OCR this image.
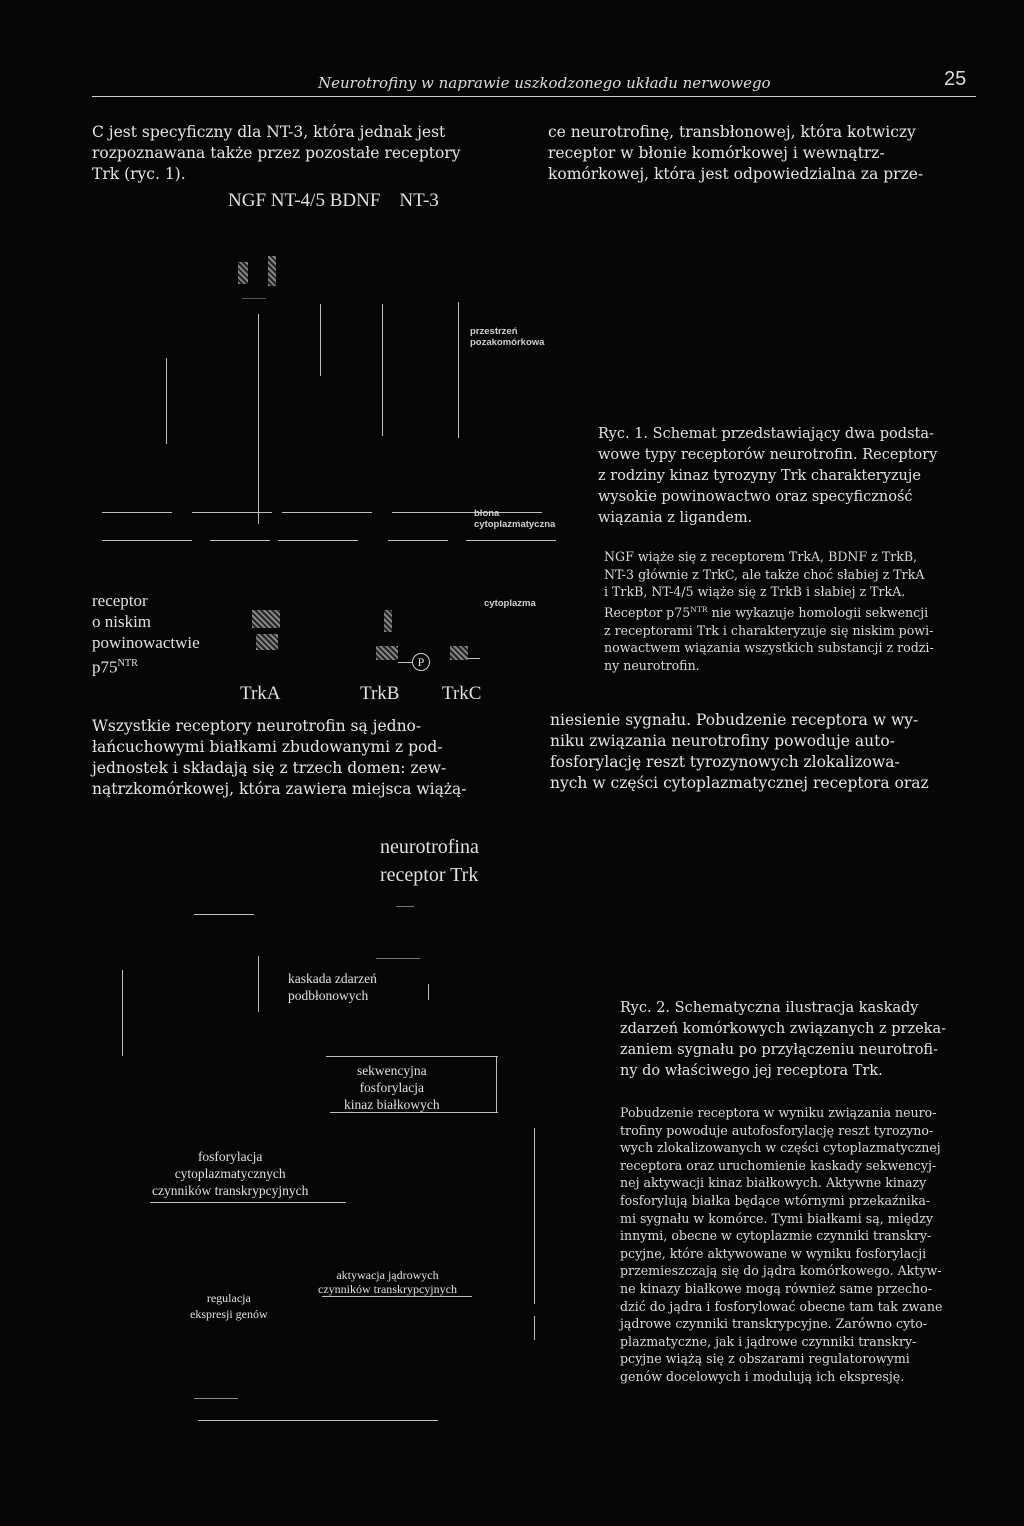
Neurotrofiny w naprawie uszkodzonego układu nerwowego	25
C jest specyficzny dla NT-3, która jednak jest
rozpoznawana także przez pozostałe receptory
Trk (ryc. 1).
ce neurotrofinę, transbłonowej, która kotwiczy
receptor w błonie komórkowej i wewnątrz-
komórkowej, która jest odpowiedzialna za prze-
NGF NT-4/5 BDNF    NT-3
przestrzeń
pozakomórkowa
błona
cytoplazmatyczna
cytoplazma
receptor
o niskim
powinowactwie
$p75^{NTR}$	P
TrkA	TrkB TrkC
Ryc. 1. Schemat przedstawiający dwa podsta-
wowe typy receptorów neurotrofin. Receptory
z rodziny kinaz tyrozyny Trk charakteryzuje
wysokie powinowactwo oraz specyficzność
wiązania z ligandem.
NGF wiąże się z receptorem TrkA, BDNF z TrkB,
NT-3 głównie z TrkC, ale także choć słabiej z TrkA
i TrkB, NT-4/5 wiąże się z TrkB i słabiej z TrkA.
Receptor $p75^{NTR}$ nie wykazuje homologii sekwencji
z receptorami Trk i charakteryzuje się niskim powi-
nowactwem wiązania wszystkich substancji z rodzi-
ny neurotrofin.
Wszystkie receptory neurotrofin są jedno-
łańcuchowymi białkami zbudowanymi z pod-
jednostek i składają się z trzech domen: zew-
nątrzkomórkowej, która zawiera miejsca wiążą-
niesienie sygnału. Pobudzenie receptora w wy-
niku związania neurotrofiny powoduje auto-
fosforylację reszt tyrozynowych zlokalizowa-
nych w części cytoplazmatycznej receptora oraz
neurotrofina
receptor Trk
kaskada zdarzeń
podbłonowych
sekwencyjna
fosforylacja
kinaz białkowych
fosforylacja
cytoplazmatycznych
czynników transkrypcyjnych
aktywacja jądrowych
czynników transkrypcyjnych
regulacja
ekspresji genów
Ryc. 2. Schematyczna ilustracja kaskady
zdarzeń komórkowych związanych z przeka-
zaniem sygnału po przyłączeniu neurotrofi-
ny do właściwego jej receptora Trk.
Pobudzenie receptora w wyniku związania neuro-
trofiny powoduje autofosforylację reszt tyrozyno-
wych zlokalizowanych w części cytoplazmatycznej
receptora oraz uruchomienie kaskady sekwencyj-
nej aktywacji kinaz białkowych. Aktywne kinazy
fosforylują białka będące wtórnymi przekaźnika-
mi sygnału w komórce. Tymi białkami są, między
innymi, obecne w cytoplazmie czynniki transkry-
pcyjne, które aktywowane w wyniku fosforylacji
przemieszczają się do jądra komórkowego. Aktyw-
ne kinazy białkowe mogą również same przecho-
dzić do jądra i fosforylować obecne tam tak zwane
jądrowe czynniki transkrypcyjne. Zarówno cyto-
plazmatyczne, jak i jądrowe czynniki transkry-
pcyjne wiążą się z obszarami regulatorowymi
genów docelowych i modulują ich ekspresję.
